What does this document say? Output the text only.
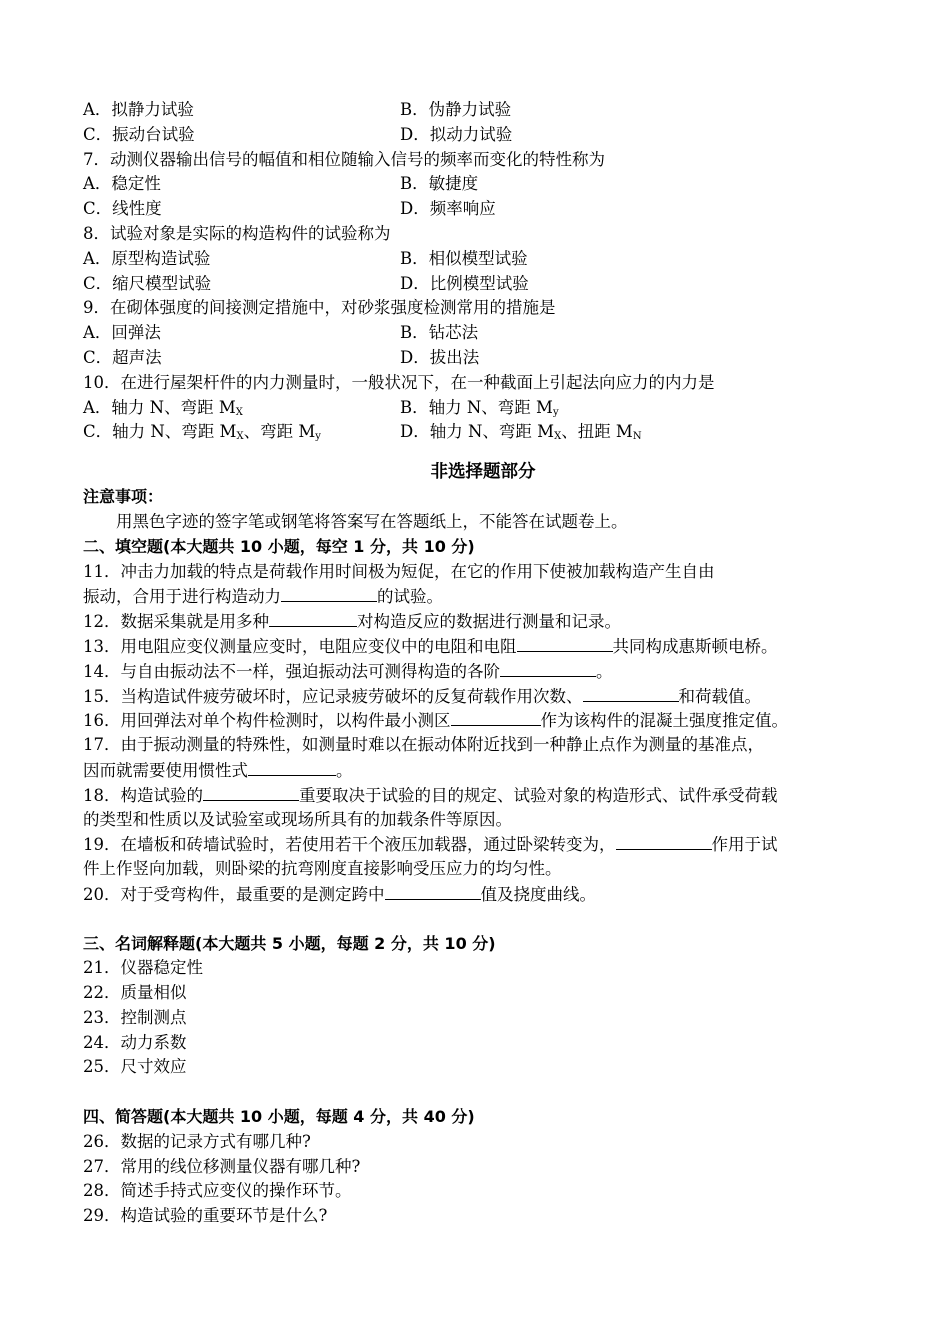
A．拟静力试验	B．伪静力试验
C．振动台试验	D．拟动力试验
7．动测仪器输出信号的幅值和相位随输入信号的频率而变化的特性称为
A．稳定性	B．敏捷度
C．线性度	D．频率响应
8．试验对象是实际的构造构件的试验称为
A．原型构造试验	B．相似模型试验
C．缩尺模型试验	D．比例模型试验
9．在砌体强度的间接测定措施中，对砂浆强度检测常用的措施是
A．回弹法	B．钻芯法
C．超声法	D．拔出法
10．在进行屋架杆件的内力测量时，一般状况下，在一种截面上引起法向应力的内力是
A．轴力 N、弯距 $M_X$	B．轴力 N、弯距 $M_y$
C．轴力 N、弯距 $M_X$、弯距 $M_y$	D．轴力 N、弯距 $M_X$、扭距 $M_N$
非选择题部分
注意事项：
用黑色字迹的签字笔或钢笔将答案写在答题纸上，不能答在试题卷上。
二、填空题(本大题共 10 小题，每空 1 分，共 10 分)
11．冲击力加载的特点是荷载作用时间极为短促，在它的作用下使被加载构造产生自由
振动，合用于进行构造动力	的试验。
12．数据采集就是用多种	对构造反应的数据进行测量和记录。
13．用电阻应变仪测量应变时，电阻应变仪中的电阻和电阻	共同构成惠斯顿电桥。
14．与自由振动法不一样，强迫振动法可测得构造的各阶	。
15．当构造试件疲劳破坏时，应记录疲劳破坏的反复荷载作用次数、	和荷载值。
16．用回弹法对单个构件检测时，以构件最小测区	作为该构件的混凝土强度推定值。
17．由于振动测量的特殊性，如测量时难以在振动体附近找到一种静止点作为测量的基准点，
因而就需要使用惯性式	。
18．构造试验的	重要取决于试验的目的规定、试验对象的构造形式、试件承受荷载
的类型和性质以及试验室或现场所具有的加载条件等原因。
19．在墙板和砖墙试验时，若使用若干个液压加载器，通过卧梁转变为，	作用于试
件上作竖向加载，则卧梁的抗弯刚度直接影响受压应力的均匀性。
20．对于受弯构件，最重要的是测定跨中	值及挠度曲线。
三、名词解释题(本大题共 5 小题，每题 2 分，共 10 分)
21．仪器稳定性
22．质量相似
23．控制测点
24．动力系数
25．尺寸效应
四、简答题(本大题共 10 小题，每题 4 分，共 40 分)
26．数据的记录方式有哪几种?
27．常用的线位移测量仪器有哪几种?
28．简述手持式应变仪的操作环节。
29．构造试验的重要环节是什么?
